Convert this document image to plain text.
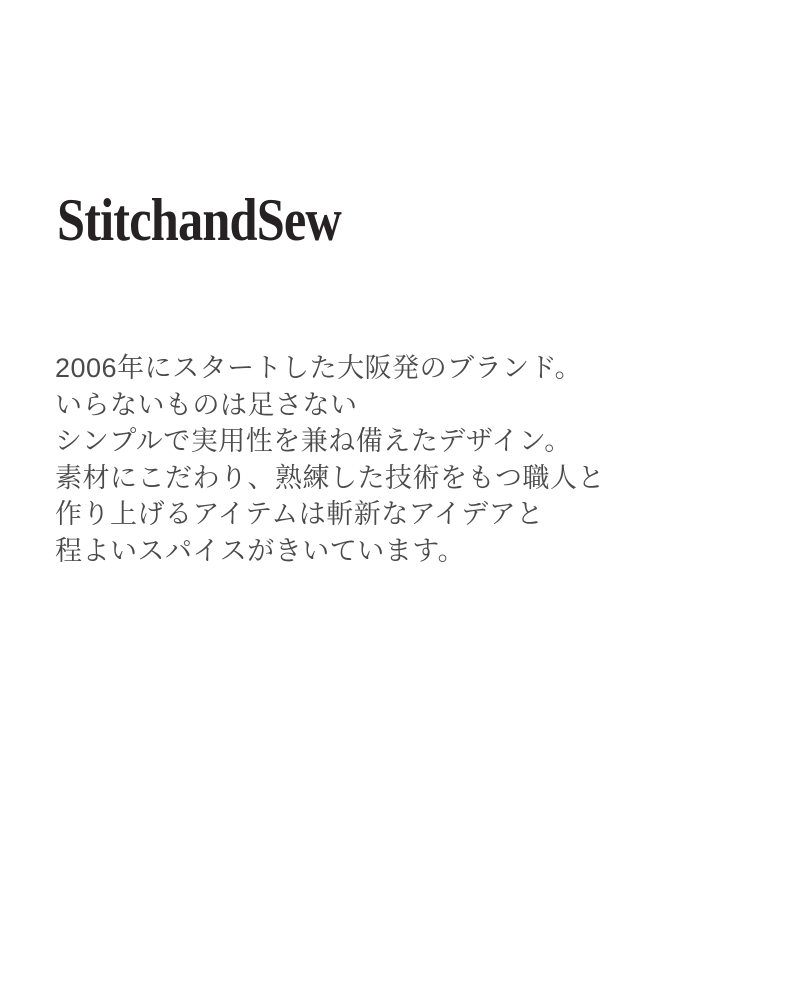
StitchandSew
2006年にスタートした大阪発のブランド。
いらないものは足さない
シンプルで実用性を兼ね備えたデザイン。
素材にこだわり、熟練した技術をもつ職人と
作り上げるアイテムは斬新なアイデアと
程よいスパイスがきいています。
